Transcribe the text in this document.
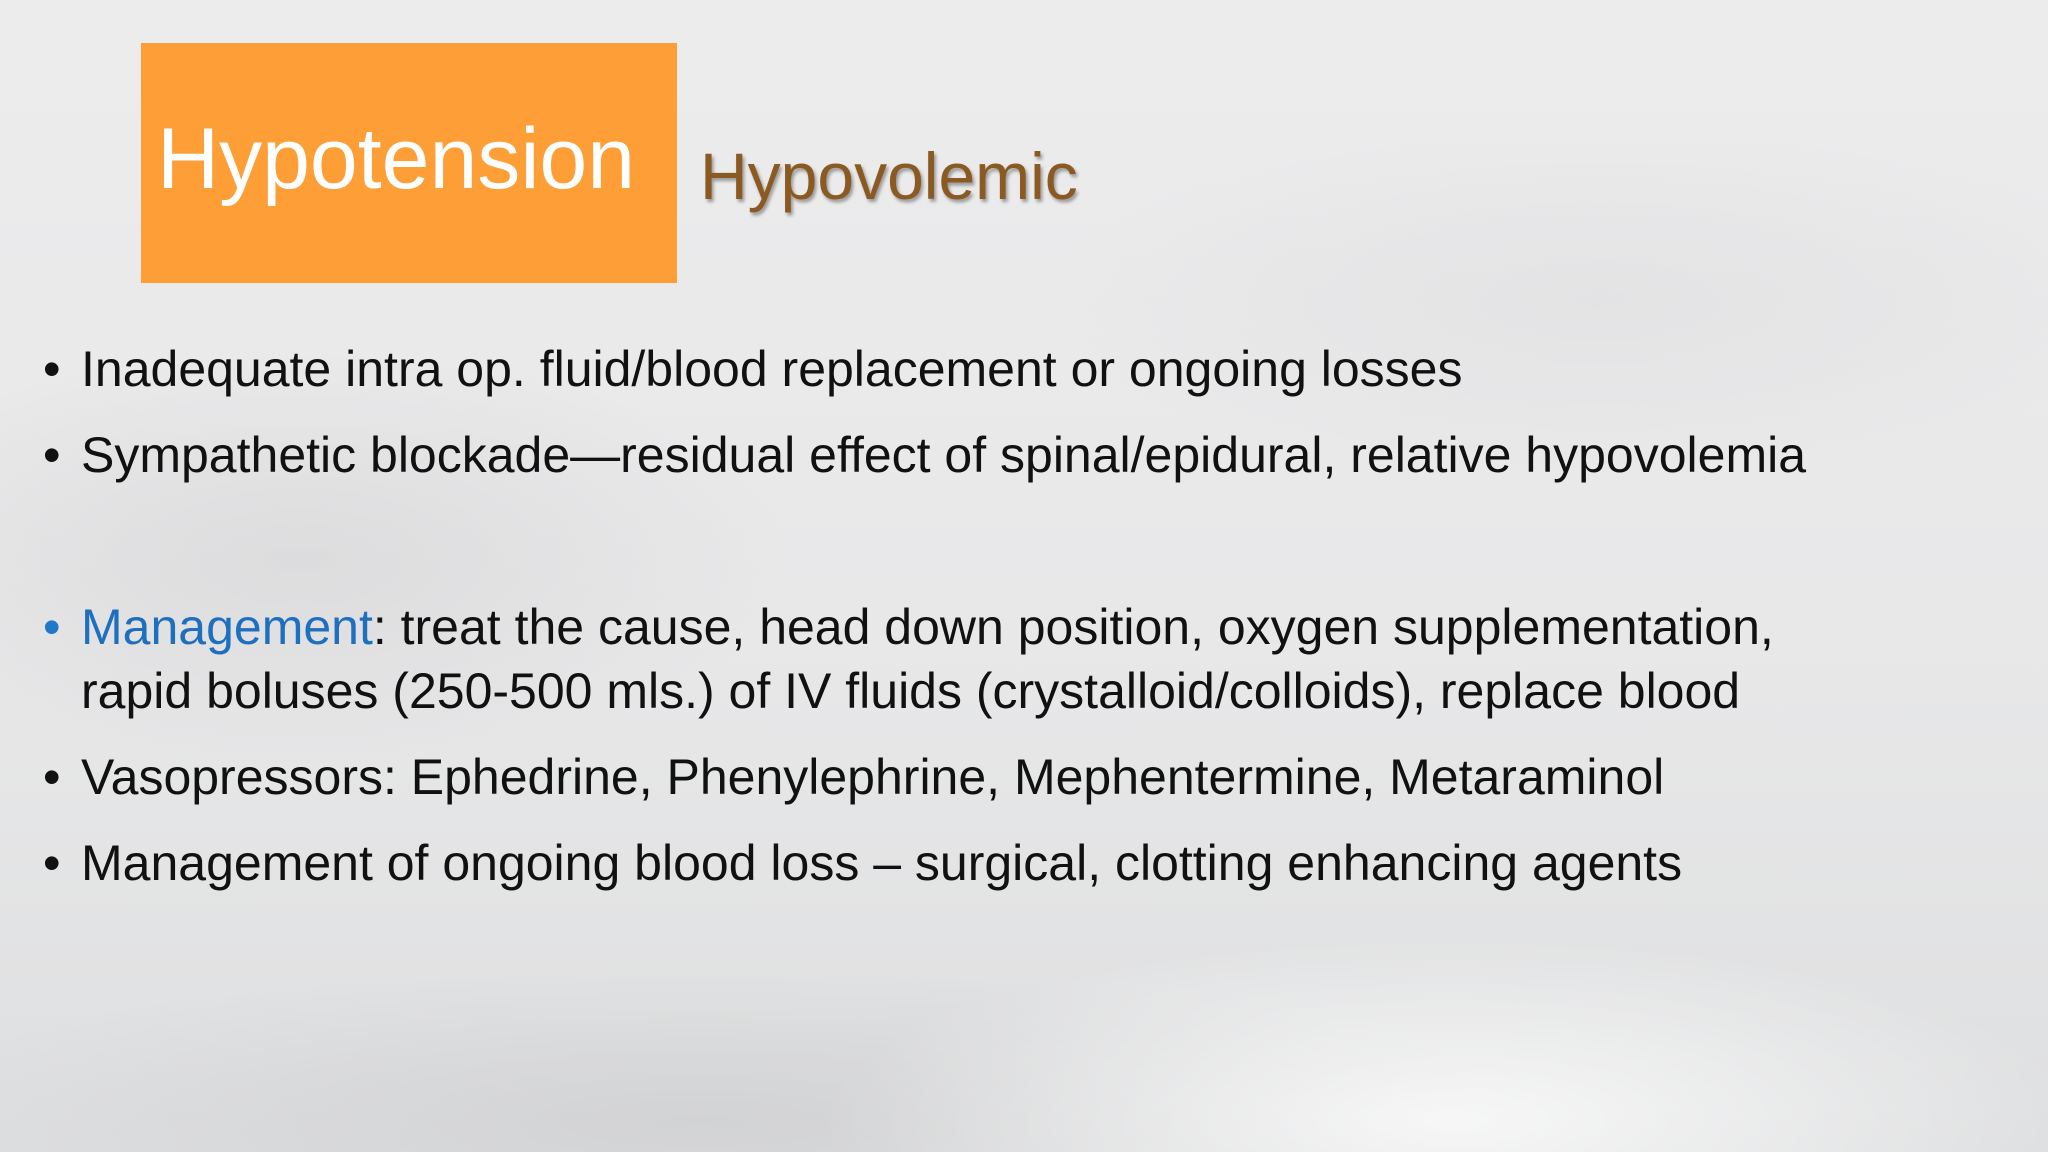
Hypotension Hypovolemic
• Inadequate intra op. fluid/blood replacement or ongoing losses
• Sympathetic blockade—residual effect of spinal/epidural, relative hypovolemia
• Management: treat the cause, head down position, oxygen supplementation,
rapid boluses (250-500 mls.) of IV fluids (crystalloid/colloids), replace blood
• Vasopressors: Ephedrine, Phenylephrine, Mephentermine, Metaraminol
• Management of ongoing blood loss – surgical, clotting enhancing agents
